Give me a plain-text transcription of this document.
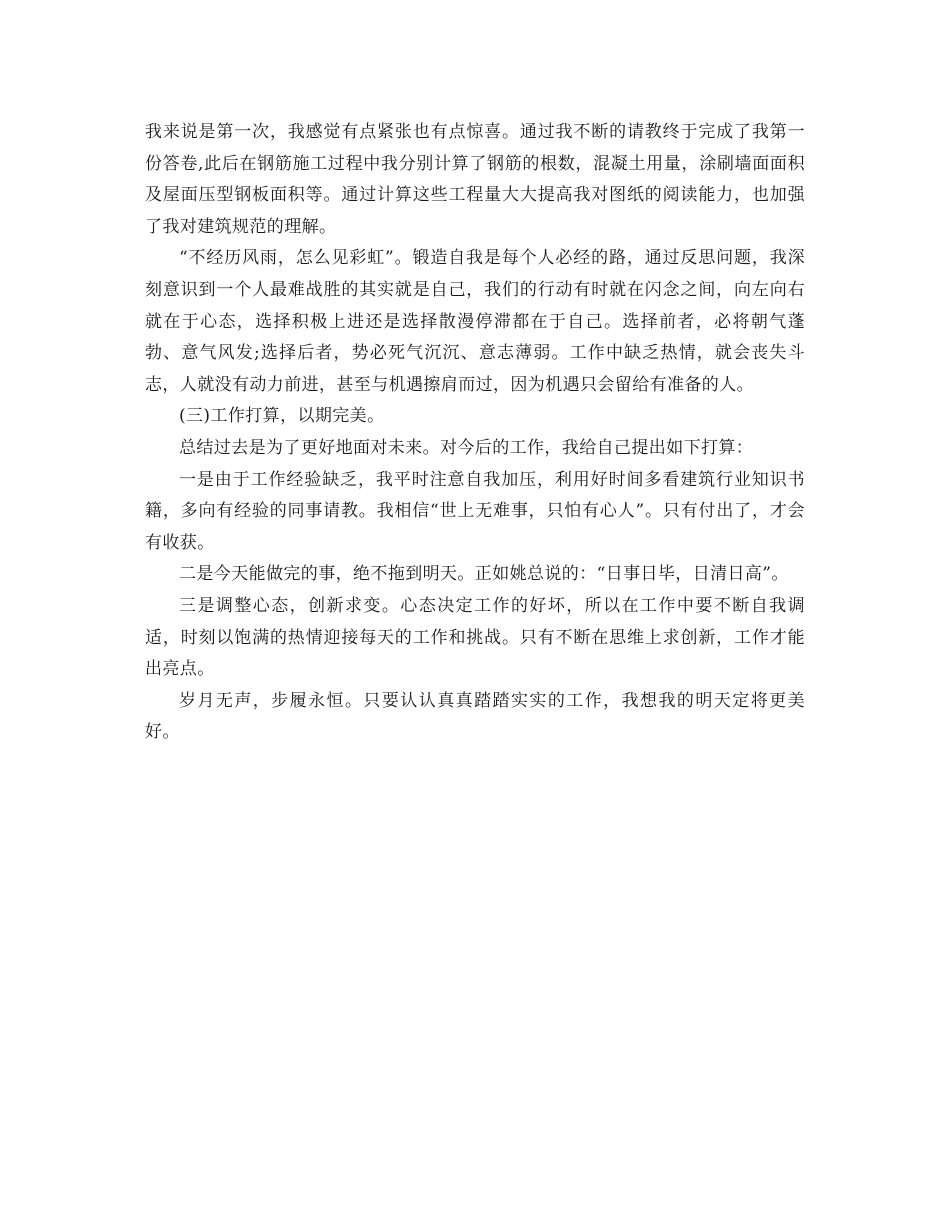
我来说是第一次，我感觉有点紧张也有点惊喜。通过我不断的请教终于完成了我第一份答卷,此后在钢筋施工过程中我分别计算了钢筋的根数，混凝土用量，涂刷墙面面积及屋面压型钢板面积等。通过计算这些工程量大大提高我对图纸的阅读能力，也加强了我对建筑规范的理解。

“不经历风雨，怎么见彩虹”。锻造自我是每个人必经的路，通过反思问题，我深刻意识到一个人最难战胜的其实就是自己，我们的行动有时就在闪念之间，向左向右就在于心态，选择积极上进还是选择散漫停滞都在于自己。选择前者，必将朝气蓬勃、意气风发;选择后者，势必死气沉沉、意志薄弱。工作中缺乏热情，就会丧失斗志，人就没有动力前进，甚至与机遇擦肩而过，因为机遇只会留给有准备的人。

(三)工作打算，以期完美。

总结过去是为了更好地面对未来。对今后的工作，我给自己提出如下打算：

一是由于工作经验缺乏，我平时注意自我加压，利用好时间多看建筑行业知识书籍，多向有经验的同事请教。我相信“世上无难事，只怕有心人”。只有付出了，才会有收获。

二是今天能做完的事，绝不拖到明天。正如姚总说的：“日事日毕，日清日高”。

三是调整心态，创新求变。心态决定工作的好坏，所以在工作中要不断自我调适，时刻以饱满的热情迎接每天的工作和挑战。只有不断在思维上求创新，工作才能出亮点。

岁月无声，步履永恒。只要认认真真踏踏实实的工作，我想我的明天定将更美好。
